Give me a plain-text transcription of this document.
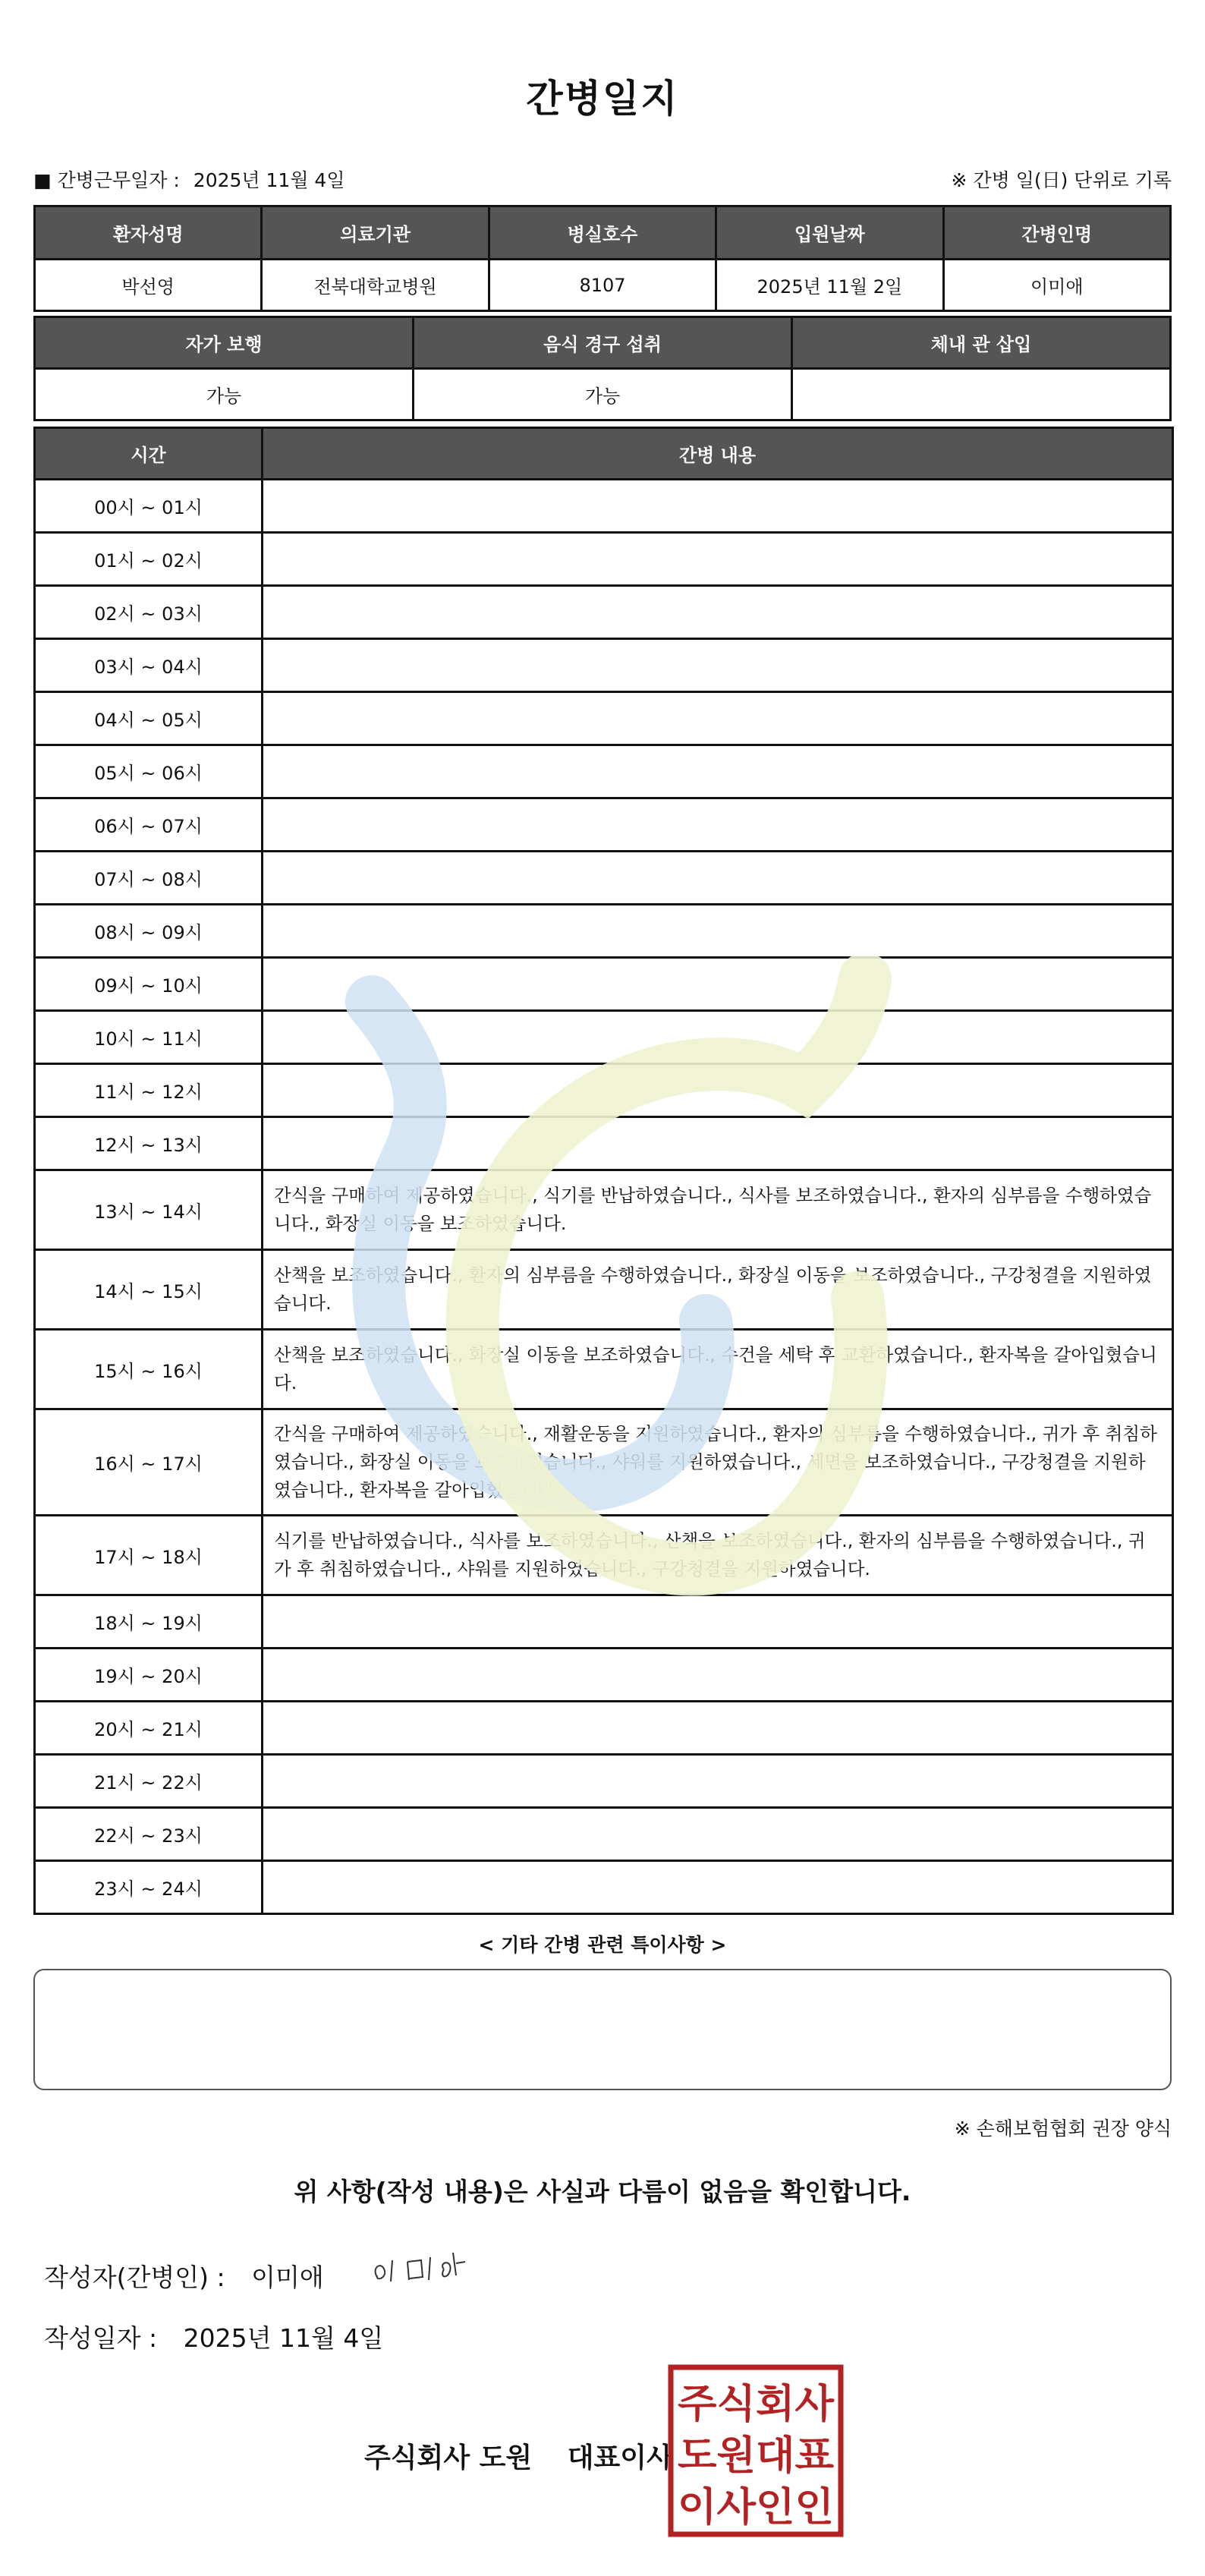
간병일지
■ 간병근무일자 : 2025년 11월 4일	※ 간병 일(日) 단위로 기록
환자성명	의료기관	병실호수	입원날짜	간병인명
박선영	전북대학교병원	8107	2025년 11월 2일	이미애
자가 보행	음식 경구 섭취	체내 관 삽입
가능	가능	
시간	간병 내용
00시 ~ 01시	
01시 ~ 02시	
02시 ~ 03시	
03시 ~ 04시	
04시 ~ 05시	
05시 ~ 06시	
06시 ~ 07시	
07시 ~ 08시	
08시 ~ 09시	
09시 ~ 10시	
10시 ~ 11시	
11시 ~ 12시	
12시 ~ 13시	
13시 ~ 14시	간식을 구매하여 제공하였습니다., 식기를 반납하였습니다., 식사를 보조하였습니다., 환자의 심부름을 수행하였습니다., 화장실 이동을 보조하였습니다.
14시 ~ 15시	산책을 보조하였습니다., 환자의 심부름을 수행하였습니다., 화장실 이동을 보조하였습니다., 구강청결을 지원하였습니다.
15시 ~ 16시	산책을 보조하였습니다., 화장실 이동을 보조하였습니다., 수건을 세탁 후 교환하였습니다., 환자복을 갈아입혔습니다.
16시 ~ 17시	간식을 구매하여 제공하였습니다., 재활운동을 지원하였습니다., 환자의 심부름을 수행하였습니다., 귀가 후 취침하였습니다., 화장실 이동을 보조하였습니다., 샤워를 지원하였습니다., 세면을 보조하였습니다., 구강청결을 지원하였습니다., 환자복을 갈아입혔습니다.
17시 ~ 18시	식기를 반납하였습니다., 식사를 보조하였습니다., 산책을 보조하였습니다., 환자의 심부름을 수행하였습니다., 귀가 후 취침하였습니다., 샤워를 지원하였습니다., 구강청결을 지원하였습니다.
18시 ~ 19시	
19시 ~ 20시	
20시 ~ 21시	
21시 ~ 22시	
22시 ~ 23시	
23시 ~ 24시	
< 기타 간병 관련 특이사항 >
※ 손해보험협회 권장 양식
위 사항(작성 내용)은 사실과 다름이 없음을 확인합니다.
작성자(간병인) : 이미애
작성일자 : 2025년 11월 4일
주식회사 도원 대표이사
주식회사
도원대표
이사인인
